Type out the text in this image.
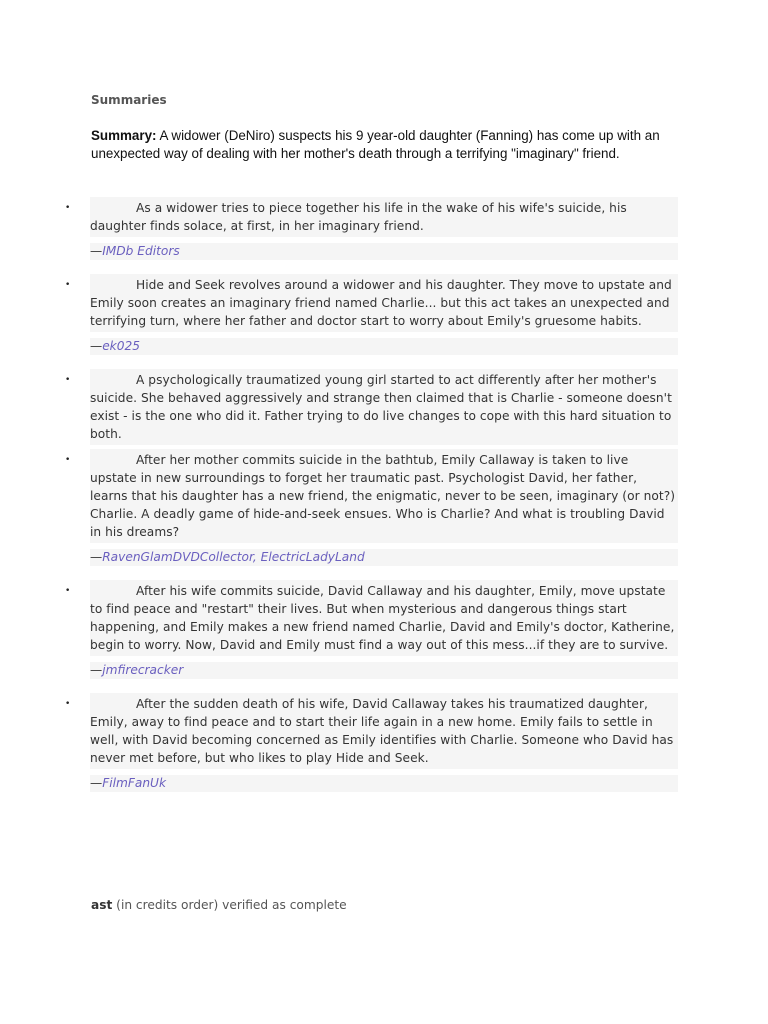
Summaries

Summary: A widower (DeNiro) suspects his 9 year-old daughter (Fanning) has come up with an unexpected way of dealing with her mother's death through a terrifying "imaginary" friend.

•	As a widower tries to piece together his life in the wake of his wife's suicide, his daughter finds solace, at first, in her imaginary friend.
—IMDb Editors
•	Hide and Seek revolves around a widower and his daughter. They move to upstate and Emily soon creates an imaginary friend named Charlie... but this act takes an unexpected and terrifying turn, where her father and doctor start to worry about Emily's gruesome habits.
—ek025
•	A psychologically traumatized young girl started to act differently after her mother's suicide. She behaved aggressively and strange then claimed that is Charlie - someone doesn't exist - is the one who did it. Father trying to do live changes to cope with this hard situation to both.
•	After her mother commits suicide in the bathtub, Emily Callaway is taken to live upstate in new surroundings to forget her traumatic past. Psychologist David, her father, learns that his daughter has a new friend, the enigmatic, never to be seen, imaginary (or not?) Charlie. A deadly game of hide-and-seek ensues. Who is Charlie? And what is troubling David in his dreams?
—RavenGlamDVDCollector, ElectricLadyLand
•	After his wife commits suicide, David Callaway and his daughter, Emily, move upstate to find peace and "restart" their lives. But when mysterious and dangerous things start happening, and Emily makes a new friend named Charlie, David and Emily's doctor, Katherine, begin to worry. Now, David and Emily must find a way out of this mess...if they are to survive.
—jmfirecracker
•	After the sudden death of his wife, David Callaway takes his traumatized daughter, Emily, away to find peace and to start their life again in a new home. Emily fails to settle in well, with David becoming concerned as Emily identifies with Charlie. Someone who David has never met before, but who likes to play Hide and Seek.
—FilmFanUk

ast (in credits order) verified as complete
